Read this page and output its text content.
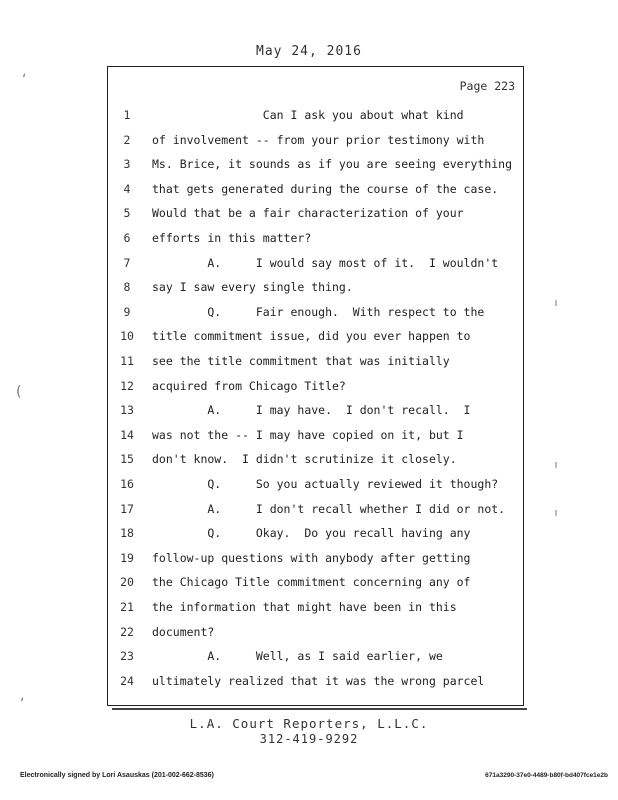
May 24, 2016
‘
(
‘
Page 223
1	Can I ask you about what kind
2	of involvement -- from your prior testimony with
3	Ms. Brice, it sounds as if you are seeing everything
4	that gets generated during the course of the case.
5	Would that be a fair characterization of your
6	efforts in this matter?
7	A.     I would say most of it.  I wouldn't
8	say I saw every single thing.
9	Q.     Fair enough.  With respect to the
10 title commitment issue, did you ever happen to
11 see the title commitment that was initially
12 acquired from Chicago Title?
13 A.     I may have.  I don't recall.  I
14 was not the -- I may have copied on it, but I
15 don't know.  I didn't scrutinize it closely.
16 Q.     So you actually reviewed it though?
17 A.     I don't recall whether I did or not.
18 Q.     Okay.  Do you recall having any
19 follow-up questions with anybody after getting
20 the Chicago Title commitment concerning any of
21 the information that might have been in this
22 document?
23 A.     Well, as I said earlier, we
24 ultimately realized that it was the wrong parcel
L.A. Court Reporters, L.L.C.
312-419-9292
Electronically signed by Lori Asauskas (201-002-662-8536)	671a3290-37e0-4489-b80f-bd407fce1e2b
